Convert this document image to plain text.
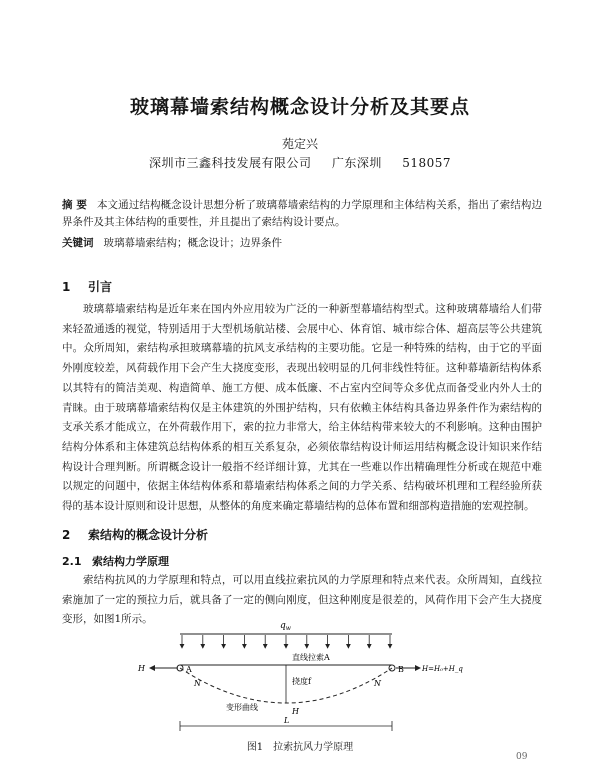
玻璃幕墙索结构概念设计分析及其要点
苑定兴
深圳市三鑫科技发展有限公司 广东深圳 518057
摘 要 本文通过结构概念设计思想分析了玻璃幕墙索结构的力学原理和主体结构关系，指出了索结构边界条件及其主体结构的重要性，并且提出了索结构设计要点。
关键词 玻璃幕墙索结构；概念设计；边界条件
1 引言
玻璃幕墙索结构是近年来在国内外应用较为广泛的一种新型幕墙结构型式。这种玻璃幕墙给人们带来轻盈通透的视觉，特别适用于大型机场航站楼、会展中心、体育馆、城市综合体、超高层等公共建筑中。众所周知，索结构承担玻璃幕墙的抗风支承结构的主要功能。它是一种特殊的结构，由于它的平面外刚度较差，风荷载作用下会产生大挠度变形，表现出较明显的几何非线性特征。这种幕墙新结构体系以其特有的简洁美观、构造简单、施工方便、成本低廉、不占室内空间等众多优点而备受业内外人士的青睐。由于玻璃幕墙索结构仅是主体建筑的外围护结构，只有依赖主体结构具备边界条件作为索结构的支承关系才能成立，在外荷载作用下，索的拉力非常大，给主体结构带来较大的不利影响。这种由围护结构分体系和主体建筑总结构体系的相互关系复杂，必须依靠结构设计师运用结构概念设计知识来作结构设计合理判断。所谓概念设计一般指不经详细计算，尤其在一些难以作出精确理性分析或在规范中难以规定的问题中，依据主体结构体系和幕墙索结构体系之间的力学关系、结构破坏机理和工程经验所获得的基本设计原则和设计思想，从整体的角度来确定幕墙结构的总体布置和细部构造措施的宏观控制。
2 索结构的概念设计分析
2.1 索结构力学原理
索结构抗风的力学原理和特点，可以用直线拉索抗风的力学原理和特点来代表。众所周知，直线拉索施加了一定的预拉力后，就具备了一定的侧向刚度，但这种刚度是很差的，风荷作用下会产生大挠度变形，如图1所示。
$q_w$
A	B
直线拉索A
H	H=H₀+H_q
N	N
挠度f
H
变形曲线
L
图1　拉索抗风力学原理
09
